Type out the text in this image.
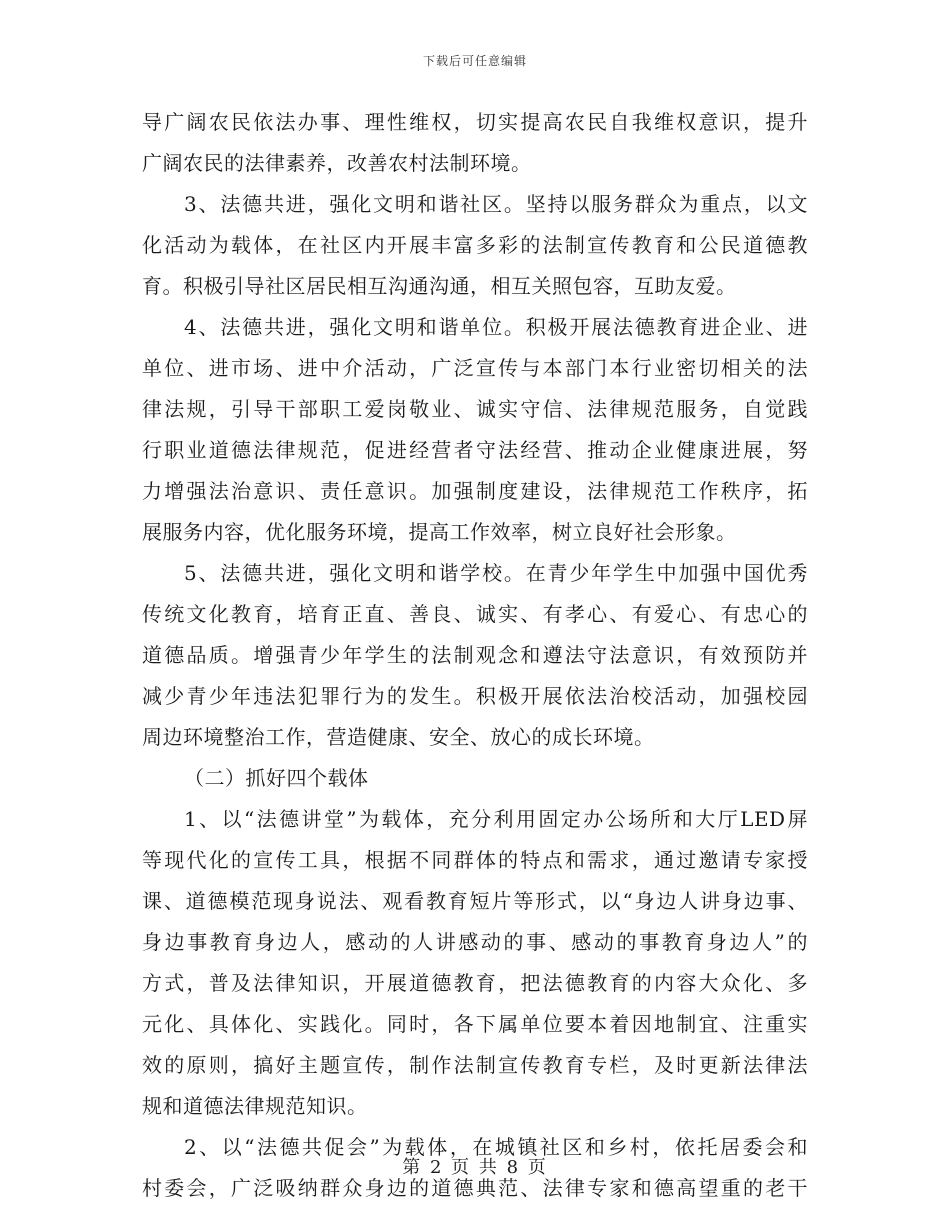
下载后可任意编辑
导广阔农民依法办事、理性维权，切实提高农民自我维权意识，提升
广阔农民的法律素养，改善农村法制环境。
3、法德共进，强化文明和谐社区。坚持以服务群众为重点，以文
化活动为载体，在社区内开展丰富多彩的法制宣传教育和公民道德教
育。积极引导社区居民相互沟通沟通，相互关照包容，互助友爱。
4、法德共进，强化文明和谐单位。积极开展法德教育进企业、进
单位、进市场、进中介活动，广泛宣传与本部门本行业密切相关的法
律法规，引导干部职工爱岗敬业、诚实守信、法律规范服务，自觉践
行职业道德法律规范，促进经营者守法经营、推动企业健康进展，努
力增强法治意识、责任意识。加强制度建设，法律规范工作秩序，拓
展服务内容，优化服务环境，提高工作效率，树立良好社会形象。
5、法德共进，强化文明和谐学校。在青少年学生中加强中国优秀
传统文化教育，培育正直、善良、诚实、有孝心、有爱心、有忠心的
道德品质。增强青少年学生的法制观念和遵法守法意识，有效预防并
减少青少年违法犯罪行为的发生。积极开展依法治校活动，加强校园
周边环境整治工作，营造健康、安全、放心的成长环境。
（二）抓好四个载体
1、以“法德讲堂”为载体，充分利用固定办公场所和大厅LED屏
等现代化的宣传工具，根据不同群体的特点和需求，通过邀请专家授
课、道德模范现身说法、观看教育短片等形式，以“身边人讲身边事、
身边事教育身边人，感动的人讲感动的事、感动的事教育身边人”的
方式，普及法律知识，开展道德教育，把法德教育的内容大众化、多
元化、具体化、实践化。同时，各下属单位要本着因地制宜、注重实
效的原则，搞好主题宣传，制作法制宣传教育专栏，及时更新法律法
规和道德法律规范知识。
2、以“法德共促会”为载体，在城镇社区和乡村，依托居委会和
村委会，广泛吸纳群众身边的道德典范、法律专家和德高望重的老干
第 2 页 共 8 页
